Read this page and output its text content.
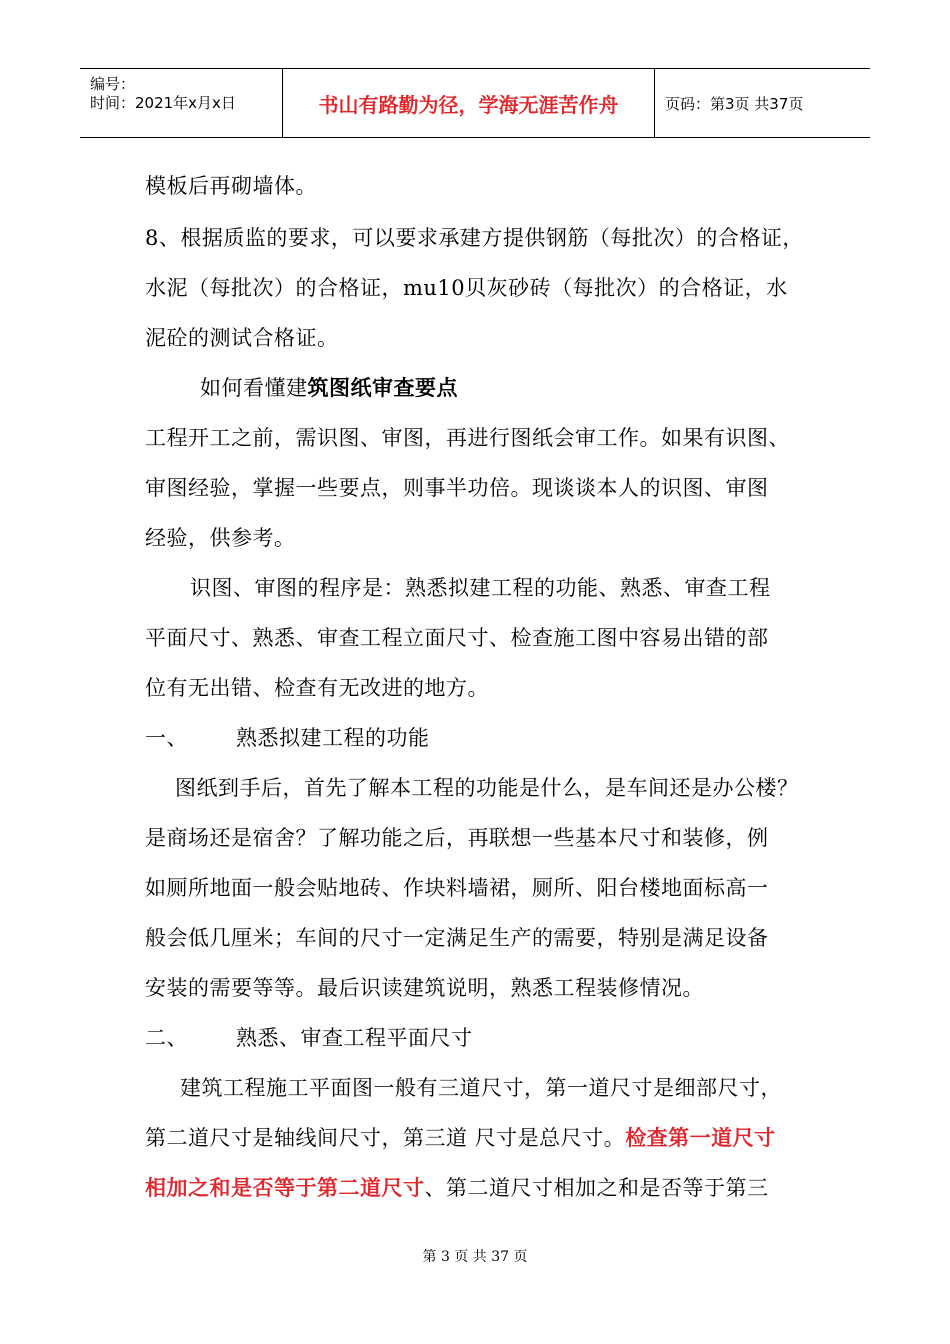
编号：
时间：2021年x月x日	书山有路勤为径，学海无涯苦作舟	页码：第3页 共37页
模板后再砌墙体。
8、根据质监的要求，可以要求承建方提供钢筋（每批次）的合格证，
水泥（每批次）的合格证，mu10贝灰砂砖（每批次）的合格证，水
泥砼的测试合格证。
如何看懂建筑图纸审查要点
工程开工之前，需识图、审图，再进行图纸会审工作。如果有识图、
审图经验，掌握一些要点，则事半功倍。现谈谈本人的识图、审图
经验，供参考。
识图、审图的程序是：熟悉拟建工程的功能、熟悉、审查工程
平面尺寸、熟悉、审查工程立面尺寸、检查施工图中容易出错的部
位有无出错、检查有无改进的地方。
一、 熟悉拟建工程的功能
图纸到手后，首先了解本工程的功能是什么，是车间还是办公楼？
是商场还是宿舍？了解功能之后，再联想一些基本尺寸和装修，例
如厕所地面一般会贴地砖、作块料墙裙，厕所、阳台楼地面标高一
般会低几厘米；车间的尺寸一定满足生产的需要，特别是满足设备
安装的需要等等。最后识读建筑说明，熟悉工程装修情况。
二、 熟悉、审查工程平面尺寸
建筑工程施工平面图一般有三道尺寸，第一道尺寸是细部尺寸，
第二道尺寸是轴线间尺寸，第三道 尺寸是总尺寸。检查第一道尺寸
相加之和是否等于第二道尺寸、第二道尺寸相加之和是否等于第三
第 3 页 共 37 页
